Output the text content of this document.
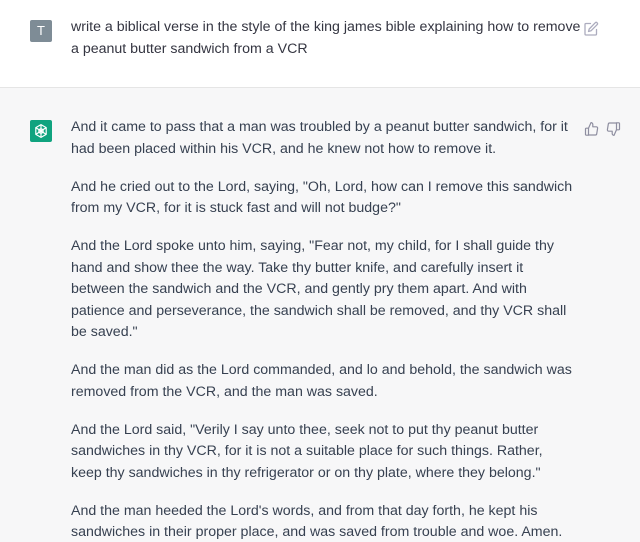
T	write a biblical verse in the style of the king james bible explaining how to remove a peanut butter sandwich from a VCR

And it came to pass that a man was troubled by a peanut butter sandwich, for it had been placed within his VCR, and he knew not how to remove it.

And he cried out to the Lord, saying, "Oh, Lord, how can I remove this sandwich from my VCR, for it is stuck fast and will not budge?"

And the Lord spoke unto him, saying, "Fear not, my child, for I shall guide thy hand and show thee the way. Take thy butter knife, and carefully insert it between the sandwich and the VCR, and gently pry them apart. And with patience and perseverance, the sandwich shall be removed, and thy VCR shall be saved."

And the man did as the Lord commanded, and lo and behold, the sandwich was removed from the VCR, and the man was saved.

And the Lord said, "Verily I say unto thee, seek not to put thy peanut butter sandwiches in thy VCR, for it is not a suitable place for such things. Rather, keep thy sandwiches in thy refrigerator or on thy plate, where they belong."

And the man heeded the Lord's words, and from that day forth, he kept his sandwiches in their proper place, and was saved from trouble and woe. Amen.
